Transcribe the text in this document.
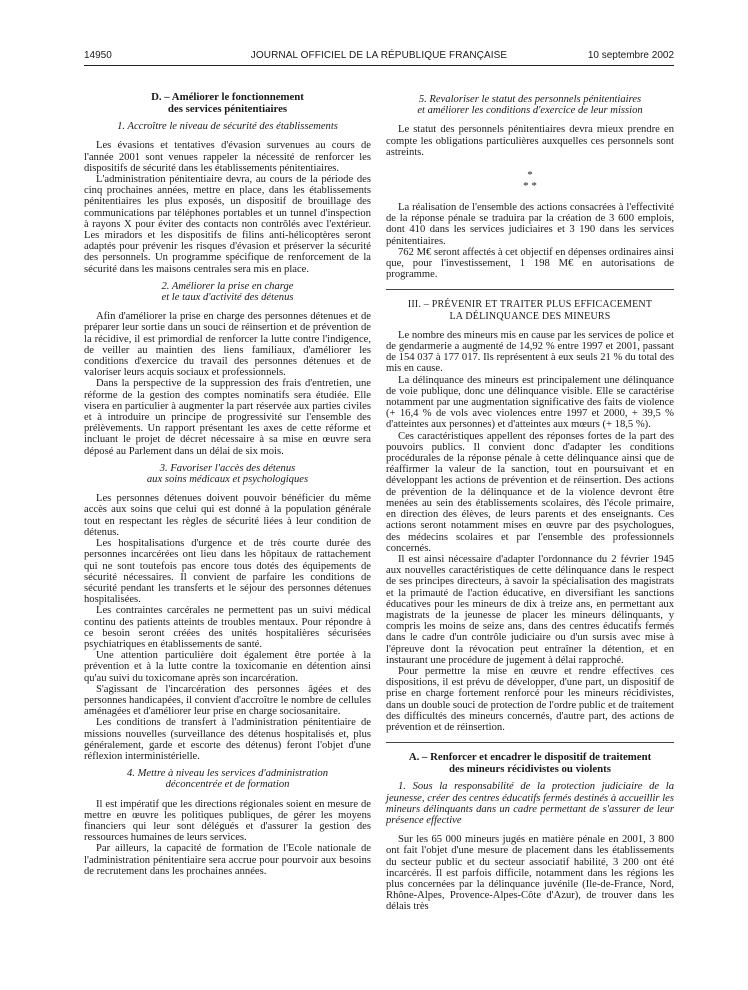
14950	JOURNAL OFFICIEL DE LA RÉPUBLIQUE FRANÇAISE	10 septembre 2002
D. – Améliorer le fonctionnement
des services pénitentiaires
1. Accroître le niveau de sécurité des établissements

Les évasions et tentatives d'évasion survenues au cours de l'année 2001 sont venues rappeler la nécessité de renforcer les dispositifs de sécurité dans les établissements pénitentiaires.

L'administration pénitentiaire devra, au cours de la période des cinq prochaines années, mettre en place, dans les établissements pénitentiaires les plus exposés, un dispositif de brouillage des communications par téléphones portables et un tunnel d'inspection à rayons X pour éviter des contacts non contrôlés avec l'extérieur. Les miradors et les dispositifs de filins anti-hélicoptères seront adaptés pour prévenir les risques d'évasion et préserver la sécurité des personnels. Un programme spécifique de renforcement de la sécurité dans les maisons centrales sera mis en place.

2. Améliorer la prise en charge
et le taux d'activité des détenus

Afin d'améliorer la prise en charge des personnes détenues et de préparer leur sortie dans un souci de réinsertion et de prévention de la récidive, il est primordial de renforcer la lutte contre l'indigence, de veiller au maintien des liens familiaux, d'améliorer les conditions d'exercice du travail des personnes détenues et de valoriser leurs acquis sociaux et professionnels.

Dans la perspective de la suppression des frais d'entretien, une réforme de la gestion des comptes nominatifs sera étudiée. Elle visera en particulier à augmenter la part réservée aux parties civiles et à introduire un principe de progressivité sur l'ensemble des prélèvements. Un rapport présentant les axes de cette réforme et incluant le projet de décret nécessaire à sa mise en œuvre sera déposé au Parlement dans un délai de six mois.

3. Favoriser l'accès des détenus
aux soins médicaux et psychologiques

Les personnes détenues doivent pouvoir bénéficier du même accès aux soins que celui qui est donné à la population générale tout en respectant les règles de sécurité liées à leur condition de détenus.

Les hospitalisations d'urgence et de très courte durée des personnes incarcérées ont lieu dans les hôpitaux de rattachement qui ne sont toutefois pas encore tous dotés des équipements de sécurité nécessaires. Il convient de parfaire les conditions de sécurité pendant les transferts et le séjour des personnes détenues hospitalisées.

Les contraintes carcérales ne permettent pas un suivi médical continu des patients atteints de troubles mentaux. Pour répondre à ce besoin seront créées des unités hospitalières sécurisées psychiatriques en établissements de santé.

Une attention particulière doit également être portée à la prévention et à la lutte contre la toxicomanie en détention ainsi qu'au suivi du toxicomane après son incarcération.

S'agissant de l'incarcération des personnes âgées et des personnes handicapées, il convient d'accroître le nombre de cellules aménagées et d'améliorer leur prise en charge sociosanitaire.

Les conditions de transfert à l'administration pénitentiaire de missions nouvelles (surveillance des détenus hospitalisés et, plus généralement, garde et escorte des détenus) feront l'objet d'une réflexion interministérielle.

4. Mettre à niveau les services d'administration
déconcentrée et de formation

Il est impératif que les directions régionales soient en mesure de mettre en œuvre les politiques publiques, de gérer les moyens financiers qui leur sont délégués et d'assurer la gestion des ressources humaines de leurs services.

Par ailleurs, la capacité de formation de l'Ecole nationale de l'administration pénitentiaire sera accrue pour pourvoir aux besoins de recrutement dans les prochaines années.

5. Revaloriser le statut des personnels pénitentiaires
et améliorer les conditions d'exercice de leur mission

Le statut des personnels pénitentiaires devra mieux prendre en compte les obligations particulières auxquelles ces personnels sont astreints.

*
* *

La réalisation de l'ensemble des actions consacrées à l'effectivité de la réponse pénale se traduira par la création de 3 600 emplois, dont 410 dans les services judiciaires et 3 190 dans les services pénitentiaires.

762 M€ seront affectés à cet objectif en dépenses ordinaires ainsi que, pour l'investissement, 1 198 M€ en autorisations de programme.

III. – PRÉVENIR ET TRAITER PLUS EFFICACEMENT
LA DÉLINQUANCE DES MINEURS

Le nombre des mineurs mis en cause par les services de police et de gendarmerie a augmenté de 14,92 % entre 1997 et 2001, passant de 154 037 à 177 017. Ils représentent à eux seuls 21 % du total des mis en cause.

La délinquance des mineurs est principalement une délinquance de voie publique, donc une délinquance visible. Elle se caractérise notamment par une augmentation significative des faits de violence (+ 16,4 % de vols avec violences entre 1997 et 2000, + 39,5 % d'atteintes aux personnes) et d'atteintes aux mœurs (+ 18,5 %).

Ces caractéristiques appellent des réponses fortes de la part des pouvoirs publics. Il convient donc d'adapter les conditions procédurales de la réponse pénale à cette délinquance ainsi que de réaffirmer la valeur de la sanction, tout en poursuivant et en développant les actions de prévention et de réinsertion. Des actions de prévention de la délinquance et de la violence devront être menées au sein des établissements scolaires, dès l'école primaire, en direction des élèves, de leurs parents et des enseignants. Ces actions seront notamment mises en œuvre par des psychologues, des médecins scolaires et par l'ensemble des professionnels concernés.

Il est ainsi nécessaire d'adapter l'ordonnance du 2 février 1945 aux nouvelles caractéristiques de cette délinquance dans le respect de ses principes directeurs, à savoir la spécialisation des magistrats et la primauté de l'action éducative, en diversifiant les sanctions éducatives pour les mineurs de dix à treize ans, en permettant aux magistrats de la jeunesse de placer les mineurs délinquants, y compris les moins de seize ans, dans des centres éducatifs fermés dans le cadre d'un contrôle judiciaire ou d'un sursis avec mise à l'épreuve dont la révocation peut entraîner la détention, et en instaurant une procédure de jugement à délai rapproché.

Pour permettre la mise en œuvre et rendre effectives ces dispositions, il est prévu de développer, d'une part, un dispositif de prise en charge fortement renforcé pour les mineurs récidivistes, dans un double souci de protection de l'ordre public et de traitement des difficultés des mineurs concernés, d'autre part, des actions de prévention et de réinsertion.

A. – Renforcer et encadrer le dispositif de traitement
des mineurs récidivistes ou violents

1. Sous la responsabilité de la protection judiciaire de la jeunesse, créer des centres éducatifs fermés destinés à accueillir les mineurs délinquants dans un cadre permettant de s'assurer de leur présence effective

Sur les 65 000 mineurs jugés en matière pénale en 2001, 3 800 ont fait l'objet d'une mesure de placement dans les établissements du secteur public et du secteur associatif habilité, 3 200 ont été incarcérés. Il est parfois difficile, notamment dans les régions les plus concernées par la délinquance juvénile (Ile-de-France, Nord, Rhône-Alpes, Provence-Alpes-Côte d'Azur), de trouver dans les délais très
